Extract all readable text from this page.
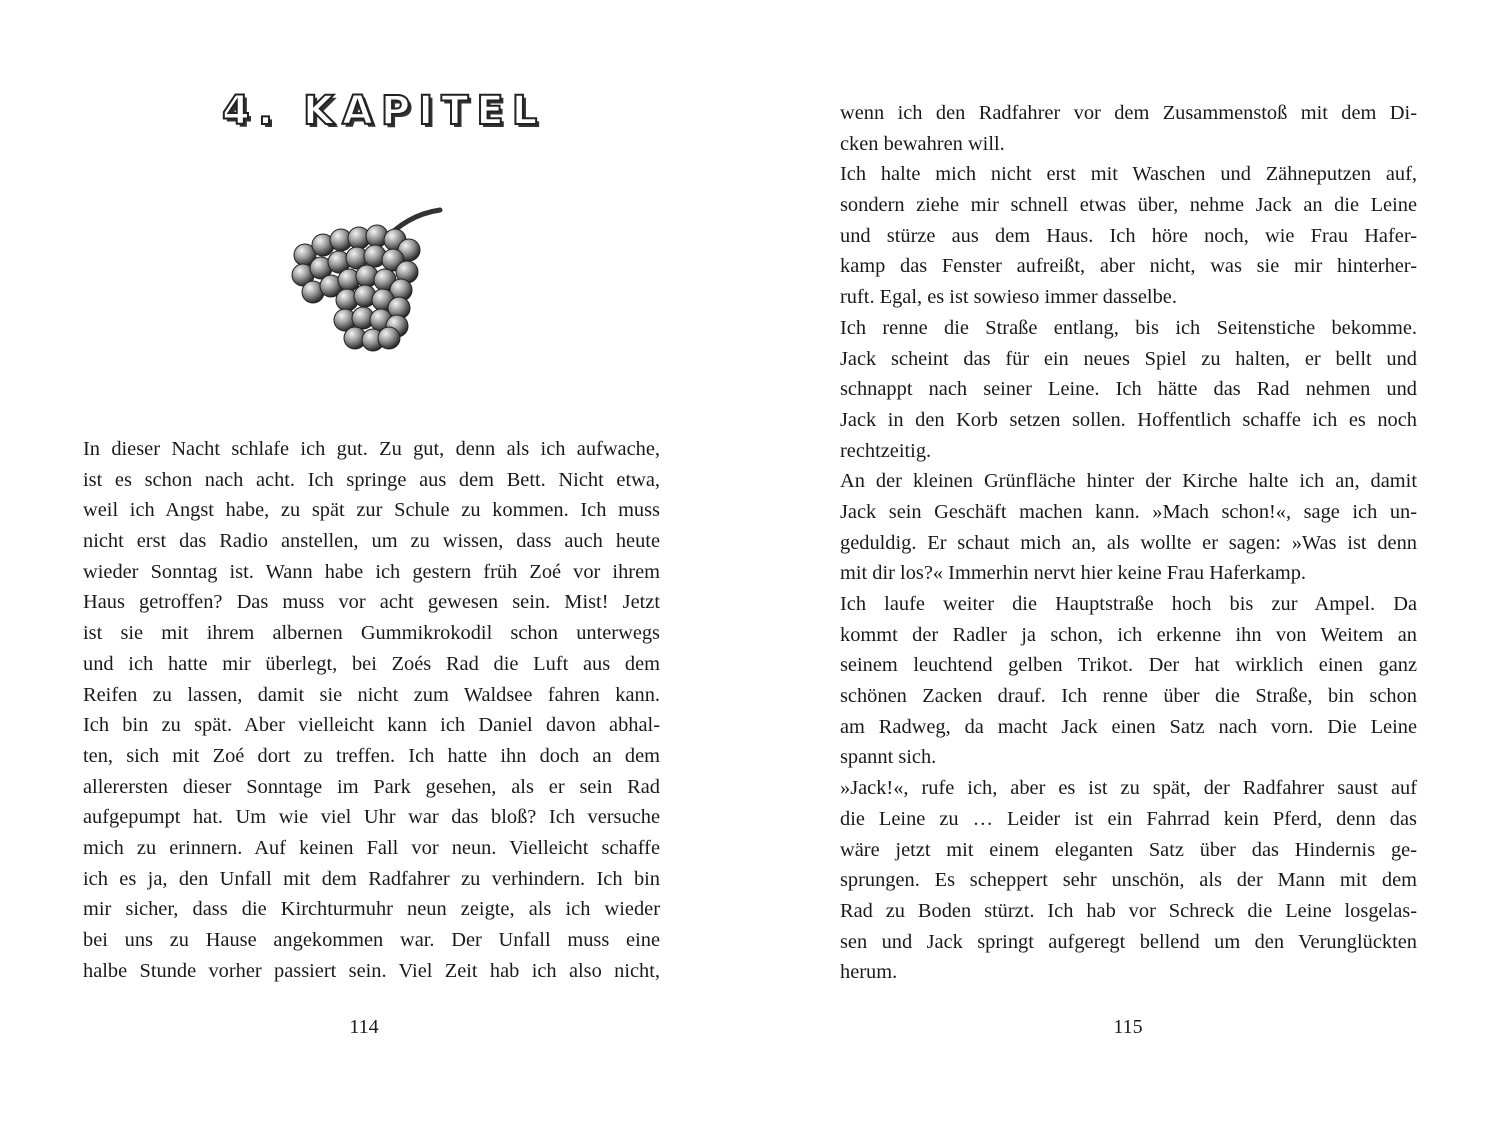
4. KAPITEL
In dieser Nacht schlafe ich gut. Zu gut, denn als ich aufwache,
ist es schon nach acht. Ich springe aus dem Bett. Nicht etwa,
weil ich Angst habe, zu spät zur Schule zu kommen. Ich muss
nicht erst das Radio anstellen, um zu wissen, dass auch heute
wieder Sonntag ist. Wann habe ich gestern früh Zoé vor ihrem
Haus getroffen? Das muss vor acht gewesen sein. Mist! Jetzt
ist sie mit ihrem albernen Gummikrokodil schon unterwegs
und ich hatte mir überlegt, bei Zoés Rad die Luft aus dem
Reifen zu lassen, damit sie nicht zum Waldsee fahren kann.
Ich bin zu spät. Aber vielleicht kann ich Daniel davon abhal-
ten, sich mit Zoé dort zu treffen. Ich hatte ihn doch an dem
allerersten dieser Sonntage im Park gesehen, als er sein Rad
aufgepumpt hat. Um wie viel Uhr war das bloß? Ich versuche
mich zu erinnern. Auf keinen Fall vor neun. Vielleicht schaffe
ich es ja, den Unfall mit dem Radfahrer zu verhindern. Ich bin
mir sicher, dass die Kirchturmuhr neun zeigte, als ich wieder
bei uns zu Hause angekommen war. Der Unfall muss eine
halbe Stunde vorher passiert sein. Viel Zeit hab ich also nicht,
114
wenn ich den Radfahrer vor dem Zusammenstoß mit dem Di-
cken bewahren will.
Ich halte mich nicht erst mit Waschen und Zähneputzen auf,
sondern ziehe mir schnell etwas über, nehme Jack an die Leine
und stürze aus dem Haus. Ich höre noch, wie Frau Hafer-
kamp das Fenster aufreißt, aber nicht, was sie mir hinterher-
ruft. Egal, es ist sowieso immer dasselbe.
Ich renne die Straße entlang, bis ich Seitenstiche bekomme.
Jack scheint das für ein neues Spiel zu halten, er bellt und
schnappt nach seiner Leine. Ich hätte das Rad nehmen und
Jack in den Korb setzen sollen. Hoffentlich schaffe ich es noch
rechtzeitig.
An der kleinen Grünfläche hinter der Kirche halte ich an, damit
Jack sein Geschäft machen kann. »Mach schon!«, sage ich un-
geduldig. Er schaut mich an, als wollte er sagen: »Was ist denn
mit dir los?« Immerhin nervt hier keine Frau Haferkamp.
Ich laufe weiter die Hauptstraße hoch bis zur Ampel. Da
kommt der Radler ja schon, ich erkenne ihn von Weitem an
seinem leuchtend gelben Trikot. Der hat wirklich einen ganz
schönen Zacken drauf. Ich renne über die Straße, bin schon
am Radweg, da macht Jack einen Satz nach vorn. Die Leine
spannt sich.
»Jack!«, rufe ich, aber es ist zu spät, der Radfahrer saust auf
die Leine zu … Leider ist ein Fahrrad kein Pferd, denn das
wäre jetzt mit einem eleganten Satz über das Hindernis ge-
sprungen. Es scheppert sehr unschön, als der Mann mit dem
Rad zu Boden stürzt. Ich hab vor Schreck die Leine losgelas-
sen und Jack springt aufgeregt bellend um den Verunglückten
herum.
115
